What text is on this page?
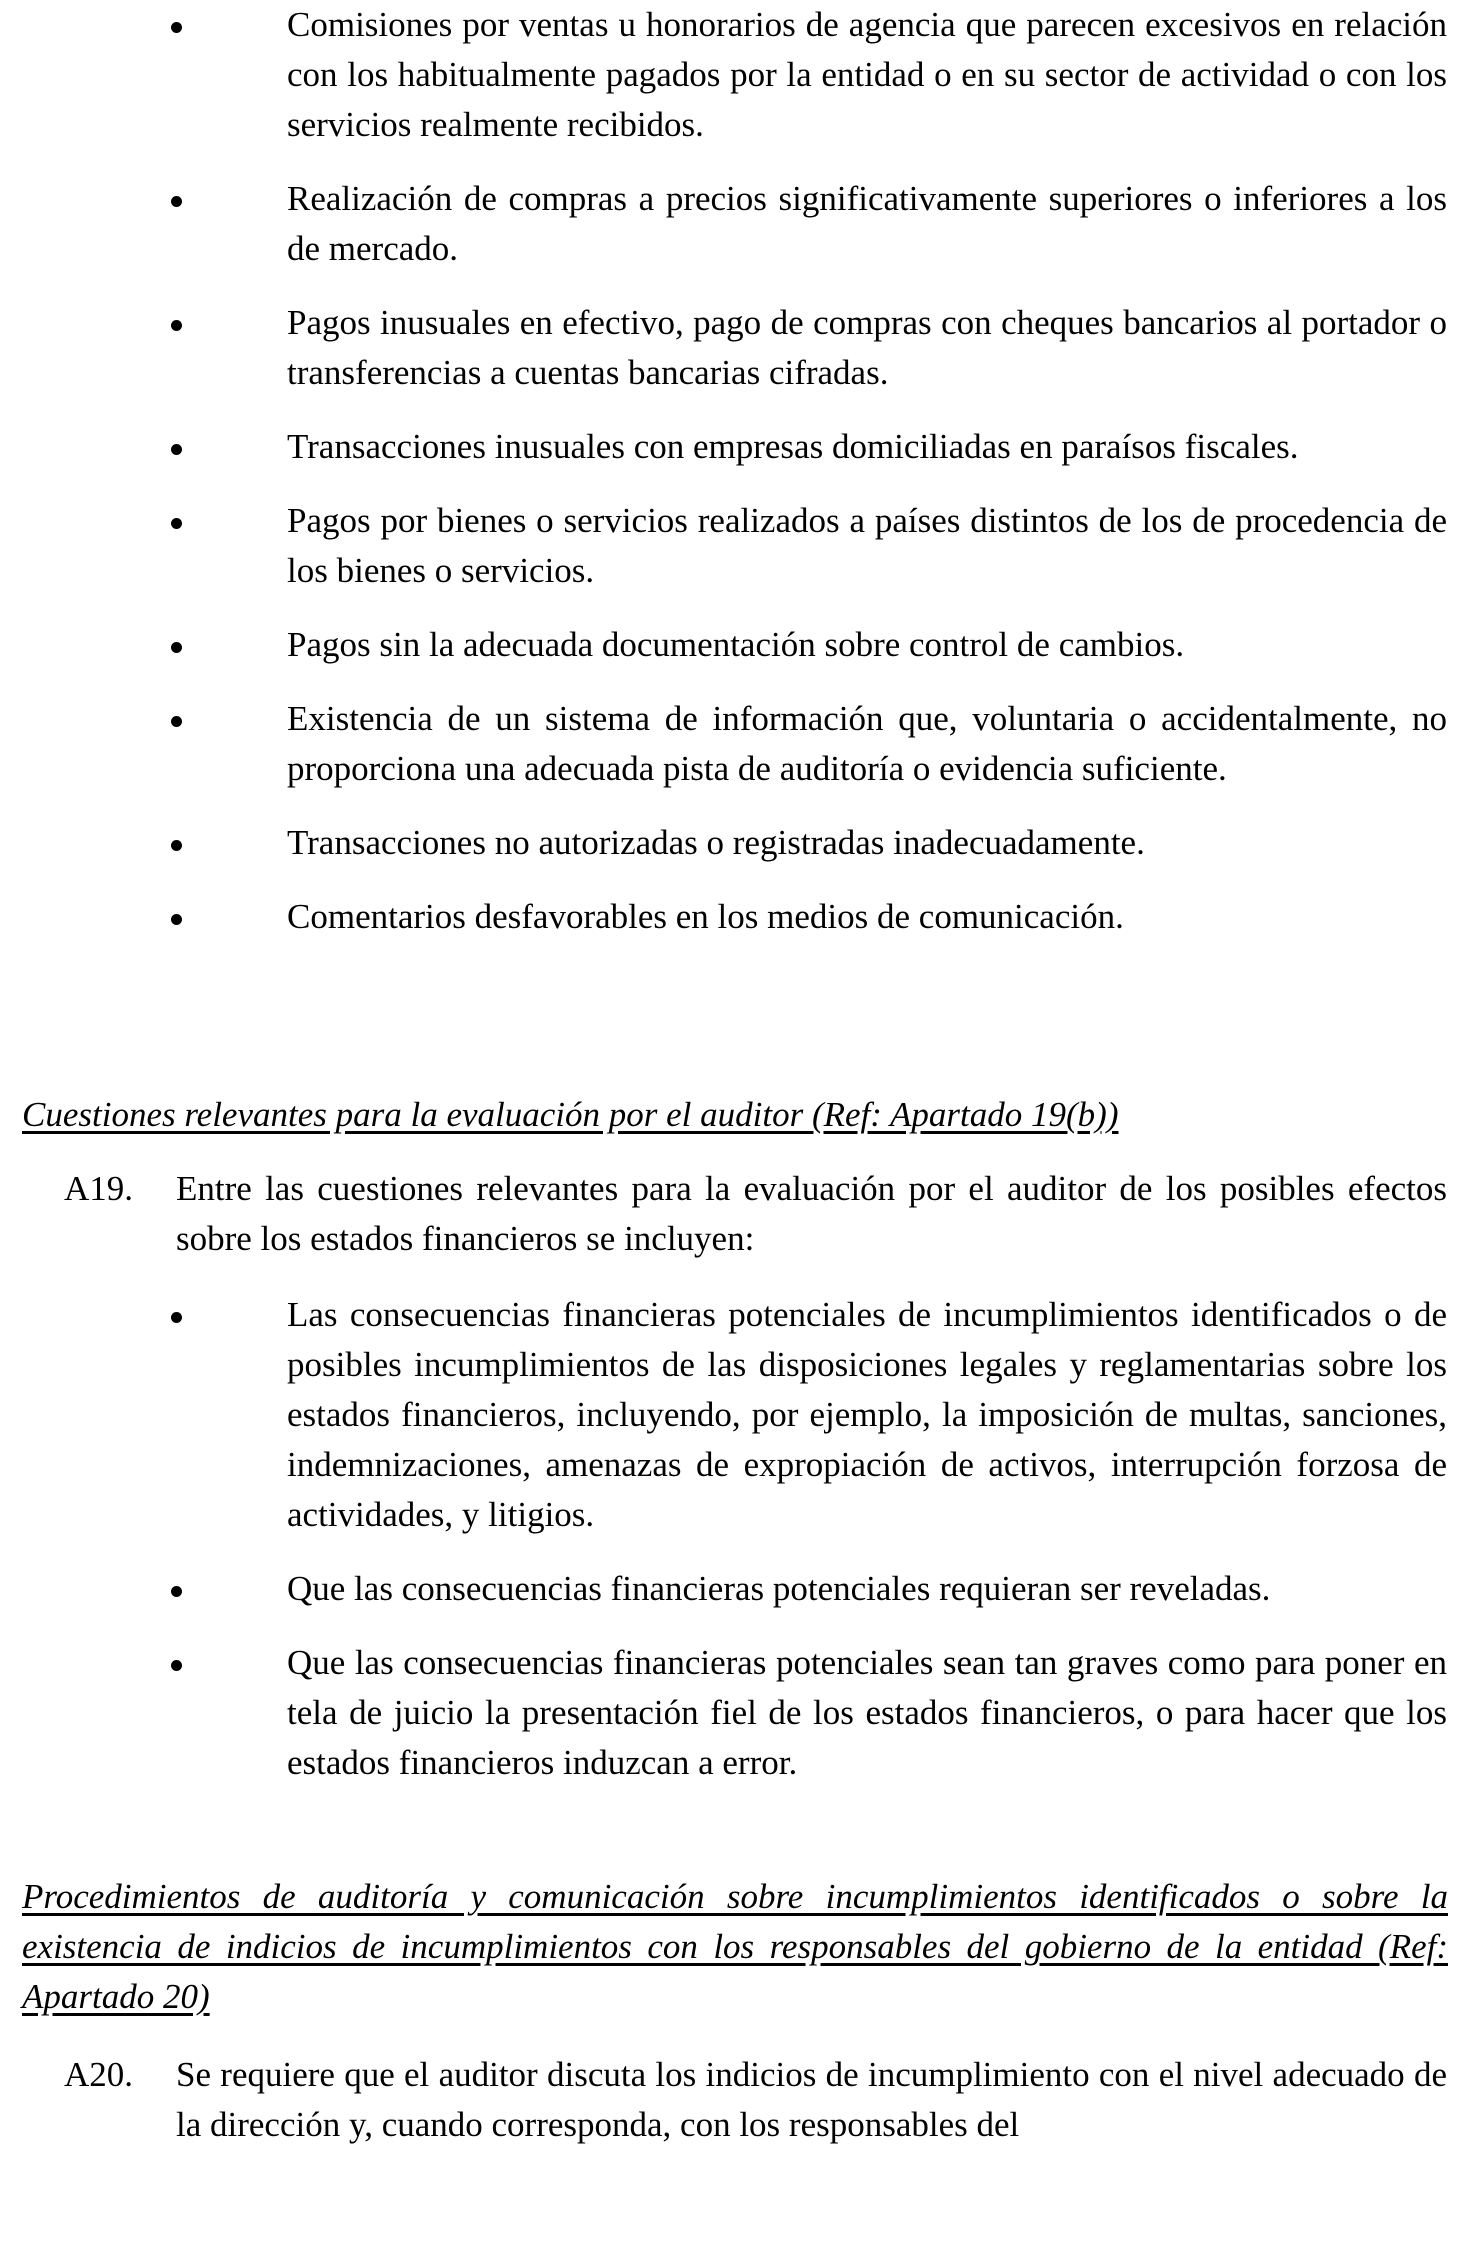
Comisiones por ventas u honorarios de agencia que parecen excesivos en relación con los habitualmente pagados por la entidad o en su sector de actividad o con los servicios realmente recibidos.
Realización de compras a precios significativamente superiores o inferiores a los de mercado.
Pagos inusuales en efectivo, pago de compras con cheques bancarios al portador o transferencias a cuentas bancarias cifradas.
Transacciones inusuales con empresas domiciliadas en paraísos fiscales.
Pagos por bienes o servicios realizados a países distintos de los de procedencia de los bienes o servicios.
Pagos sin la adecuada documentación sobre control de cambios.
Existencia de un sistema de información que, voluntaria o accidentalmente, no proporciona una adecuada pista de auditoría o evidencia suficiente.
Transacciones no autorizadas o registradas inadecuadamente.
Comentarios desfavorables en los medios de comunicación.
Cuestiones relevantes para la evaluación por el auditor (Ref: Apartado 19(b))
A19. Entre las cuestiones relevantes para la evaluación por el auditor de los posibles efectos sobre los estados financieros se incluyen:
Las consecuencias financieras potenciales de incumplimientos identificados o de posibles incumplimientos de las disposiciones legales y reglamentarias sobre los estados financieros, incluyendo, por ejemplo, la imposición de multas, sanciones, indemnizaciones, amenazas de expropiación de activos, interrupción forzosa de actividades, y litigios.
Que las consecuencias financieras potenciales requieran ser reveladas.
Que las consecuencias financieras potenciales sean tan graves como para poner en tela de juicio la presentación fiel de los estados financieros, o para hacer que los estados financieros induzcan a error.
Procedimientos de auditoría y comunicación sobre incumplimientos identificados o sobre la existencia de indicios de incumplimientos con los responsables del gobierno de la entidad (Ref: Apartado 20)
A20. Se requiere que el auditor discuta los indicios de incumplimiento con el nivel adecuado de la dirección y, cuando corresponda, con los responsables del
